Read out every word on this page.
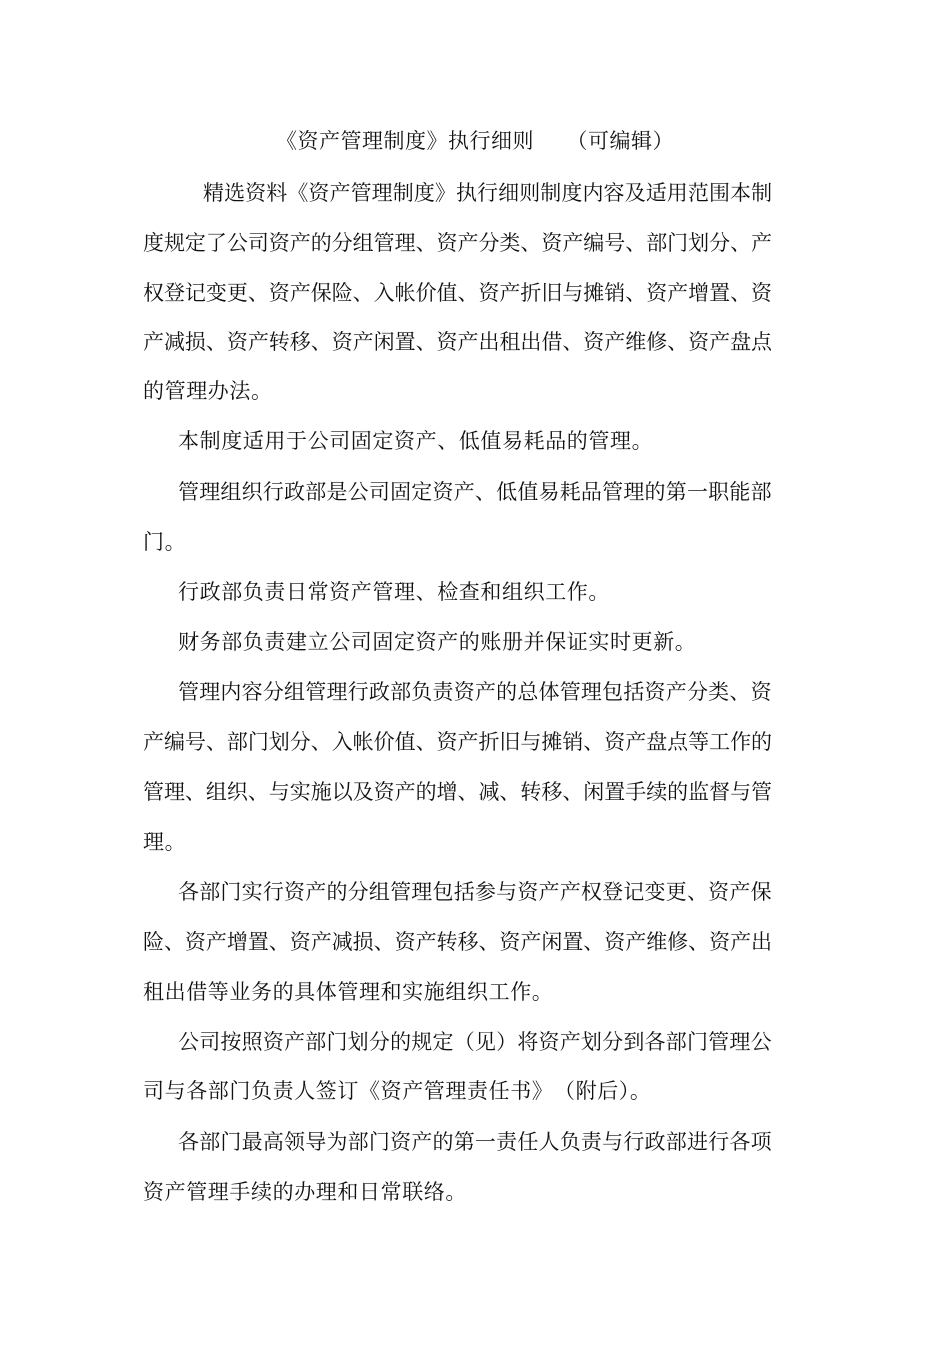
《资产管理制度》执行细则　　（可编辑）
精选资料《资产管理制度》执行细则制度内容及适用范围本制
度规定了公司资产的分组管理、资产分类、资产编号、部门划分、产
权登记变更、资产保险、入帐价值、资产折旧与摊销、资产增置、资
产减损、资产转移、资产闲置、资产出租出借、资产维修、资产盘点
的管理办法。
本制度适用于公司固定资产、低值易耗品的管理。
管理组织行政部是公司固定资产、低值易耗品管理的第一职能部
门。
行政部负责日常资产管理、检查和组织工作。
财务部负责建立公司固定资产的账册并保证实时更新。
管理内容分组管理行政部负责资产的总体管理包括资产分类、资
产编号、部门划分、入帐价值、资产折旧与摊销、资产盘点等工作的
管理、组织、与实施以及资产的增、减、转移、闲置手续的监督与管
理。
各部门实行资产的分组管理包括参与资产产权登记变更、资产保
险、资产增置、资产减损、资产转移、资产闲置、资产维修、资产出
租出借等业务的具体管理和实施组织工作。
公司按照资产部门划分的规定（见）将资产划分到各部门管理公
司与各部门负责人签订《资产管理责任书》　（附后）。
各部门最高领导为部门资产的第一责任人负责与行政部进行各项
资产管理手续的办理和日常联络。
